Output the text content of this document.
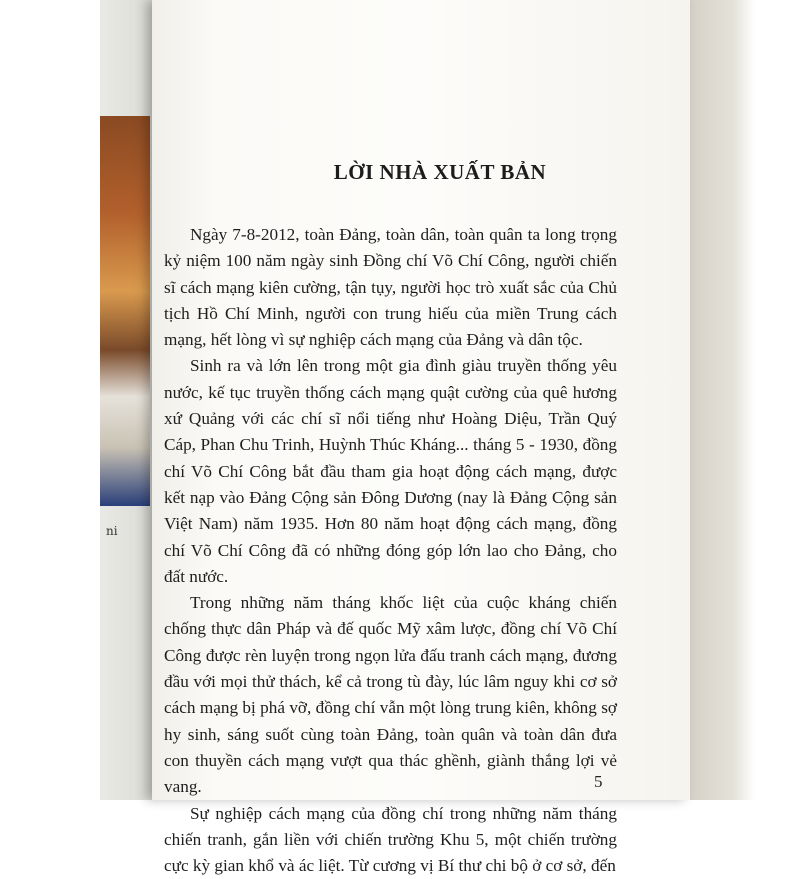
ni
LỜI NHÀ XUẤT BẢN

Ngày 7-8-2012, toàn Đảng, toàn dân, toàn quân ta long trọng kỷ niệm 100 năm ngày sinh Đồng chí Võ Chí Công, người chiến sĩ cách mạng kiên cường, tận tụy, người học trò xuất sắc của Chủ tịch Hồ Chí Minh, người con trung hiếu của miền Trung cách mạng, hết lòng vì sự nghiệp cách mạng của Đảng và dân tộc.

Sinh ra và lớn lên trong một gia đình giàu truyền thống yêu nước, kế tục truyền thống cách mạng quật cường của quê hương xứ Quảng với các chí sĩ nổi tiếng như Hoàng Diệu, Trần Quý Cáp, Phan Chu Trinh, Huỳnh Thúc Kháng... tháng 5 - 1930, đồng chí Võ Chí Công bắt đầu tham gia hoạt động cách mạng, được kết nạp vào Đảng Cộng sản Đông Dương (nay là Đảng Cộng sản Việt Nam) năm 1935. Hơn 80 năm hoạt động cách mạng, đồng chí Võ Chí Công đã có những đóng góp lớn lao cho Đảng, cho đất nước.

Trong những năm tháng khốc liệt của cuộc kháng chiến chống thực dân Pháp và đế quốc Mỹ xâm lược, đồng chí Võ Chí Công được rèn luyện trong ngọn lửa đấu tranh cách mạng, đương đầu với mọi thử thách, kể cả trong tù đày, lúc lâm nguy khi cơ sở cách mạng bị phá vỡ, đồng chí vẫn một lòng trung kiên, không sợ hy sinh, sáng suốt cùng toàn Đảng, toàn quân và toàn dân đưa con thuyền cách mạng vượt qua thác ghềnh, giành thắng lợi vẻ vang.

Sự nghiệp cách mạng của đồng chí trong những năm tháng chiến tranh, gắn liền với chiến trường Khu 5, một chiến trường cực kỳ gian khổ và ác liệt. Từ cương vị Bí thư chi bộ ở cơ sở, đến

5
